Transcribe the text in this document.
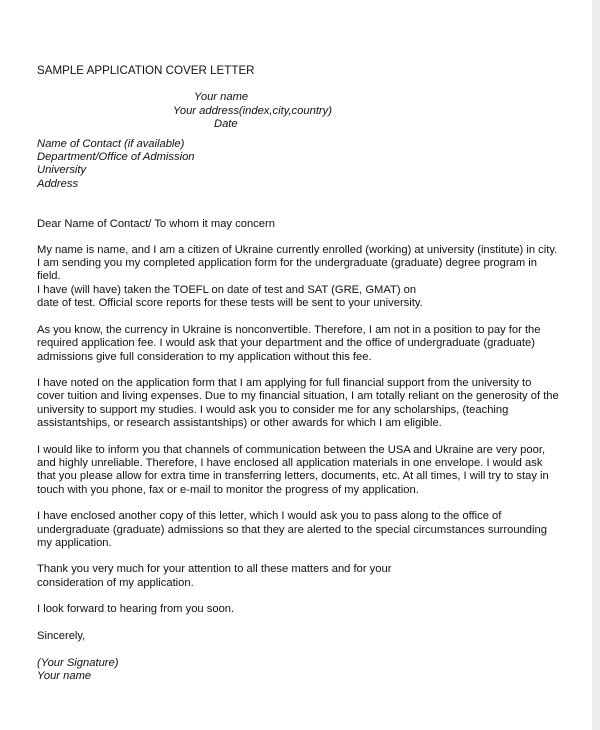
SAMPLE APPLICATION COVER LETTER
Your name
Your address(index,city,country)
Date
Name of Contact (if available)
Department/Office of Admission
University
Address
Dear Name of Contact/ To whom it may concern

My name is name, and I am a citizen of Ukraine currently enrolled (working) at university (institute) in city.
I am sending you my completed application form for the undergraduate (graduate) degree program in
field.
I have (will have) taken the TOEFL on date of test and SAT (GRE, GMAT) on
date of test. Official score reports for these tests will be sent to your university.

As you know, the currency in Ukraine is nonconvertible. Therefore, I am not in a position to pay for the
required application fee. I would ask that your department and the office of undergraduate (graduate)
admissions give full consideration to my application without this fee.

I have noted on the application form that I am applying for full financial support from the university to
cover tuition and living expenses. Due to my financial situation, I am totally reliant on the generosity of the
university to support my studies. I would ask you to consider me for any scholarships, (teaching
assistantships, or research assistantships) or other awards for which I am eligible.

I would like to inform you that channels of communication between the USA and Ukraine are very poor,
and highly unreliable. Therefore, I have enclosed all application materials in one envelope. I would ask
that you please allow for extra time in transferring letters, documents, etc. At all times, I will try to stay in
touch with you phone, fax or e-mail to monitor the progress of my application.

I have enclosed another copy of this letter, which I would ask you to pass along to the office of
undergraduate (graduate) admissions so that they are alerted to the special circumstances surrounding
my application.

Thank you very much for your attention to all these matters and for your
consideration of my application.

I look forward to hearing from you soon.

Sincerely,
(Your Signature)
Your name
